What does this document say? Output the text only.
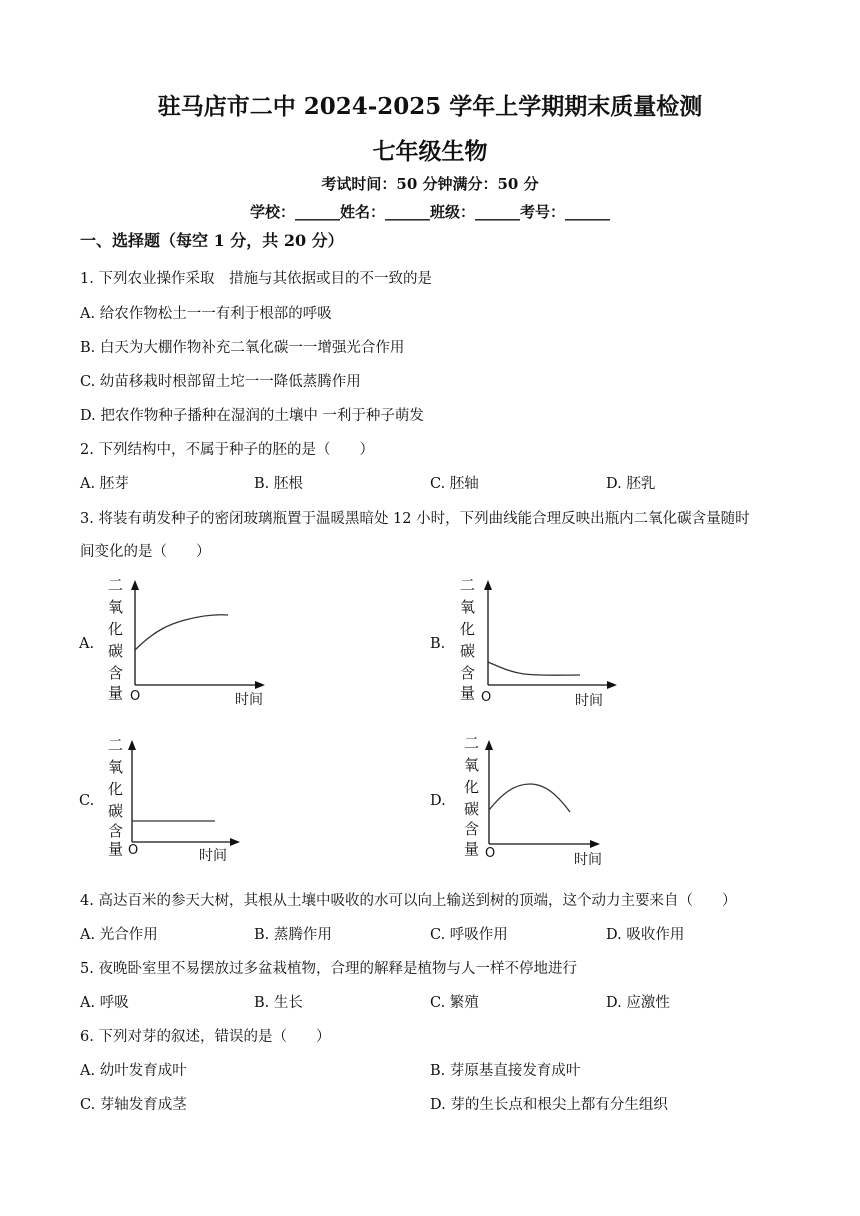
驻马店市二中 2024-2025 学年上学期期末质量检测
七年级生物
考试时间：50 分钟满分：50 分
学校：______姓名：______班级：______考号：______
一、选择题（每空 1 分，共 20 分）
1. 下列农业操作采取　措施与其依据或目的不一致的是
A. 给农作物松土一一有利于根部的呼吸
B. 白天为大棚作物补充二氧化碳一一增强光合作用
C. 幼苗移栽时根部留土坨一一降低蒸腾作用
D. 把农作物种子播种在湿润的土壤中 一利于种子萌发
2. 下列结构中，不属于种子的胚的是（　　）
A. 胚芽	B. 胚根	C. 胚轴	D. 胚乳
3. 将装有萌发种子的密闭玻璃瓶置于温暖黑暗处 12 小时，下列曲线能合理反映出瓶内二氧化碳含量随时
间变化的是（　　）
A.
二
氧
化
碳
含
量 O	时间
B.
二
氧
化
碳
含
量 O	时间
C.
二
氧
化
碳
含
量 O	时间
D.
二
氧
化
碳
含
量 O	时间
4. 高达百米的参天大树，其根从土壤中吸收的水可以向上输送到树的顶端，这个动力主要来自（　　）
A. 光合作用	B. 蒸腾作用	C. 呼吸作用	D. 吸收作用
5. 夜晚卧室里不易摆放过多盆栽植物，合理的解释是植物与人一样不停地进行
A. 呼吸	B. 生长	C. 繁殖	D. 应激性
6. 下列对芽的叙述，错误的是（　　）
A. 幼叶发育成叶	B. 芽原基直接发育成叶
C. 芽轴发育成茎	D. 芽的生长点和根尖上都有分生组织
